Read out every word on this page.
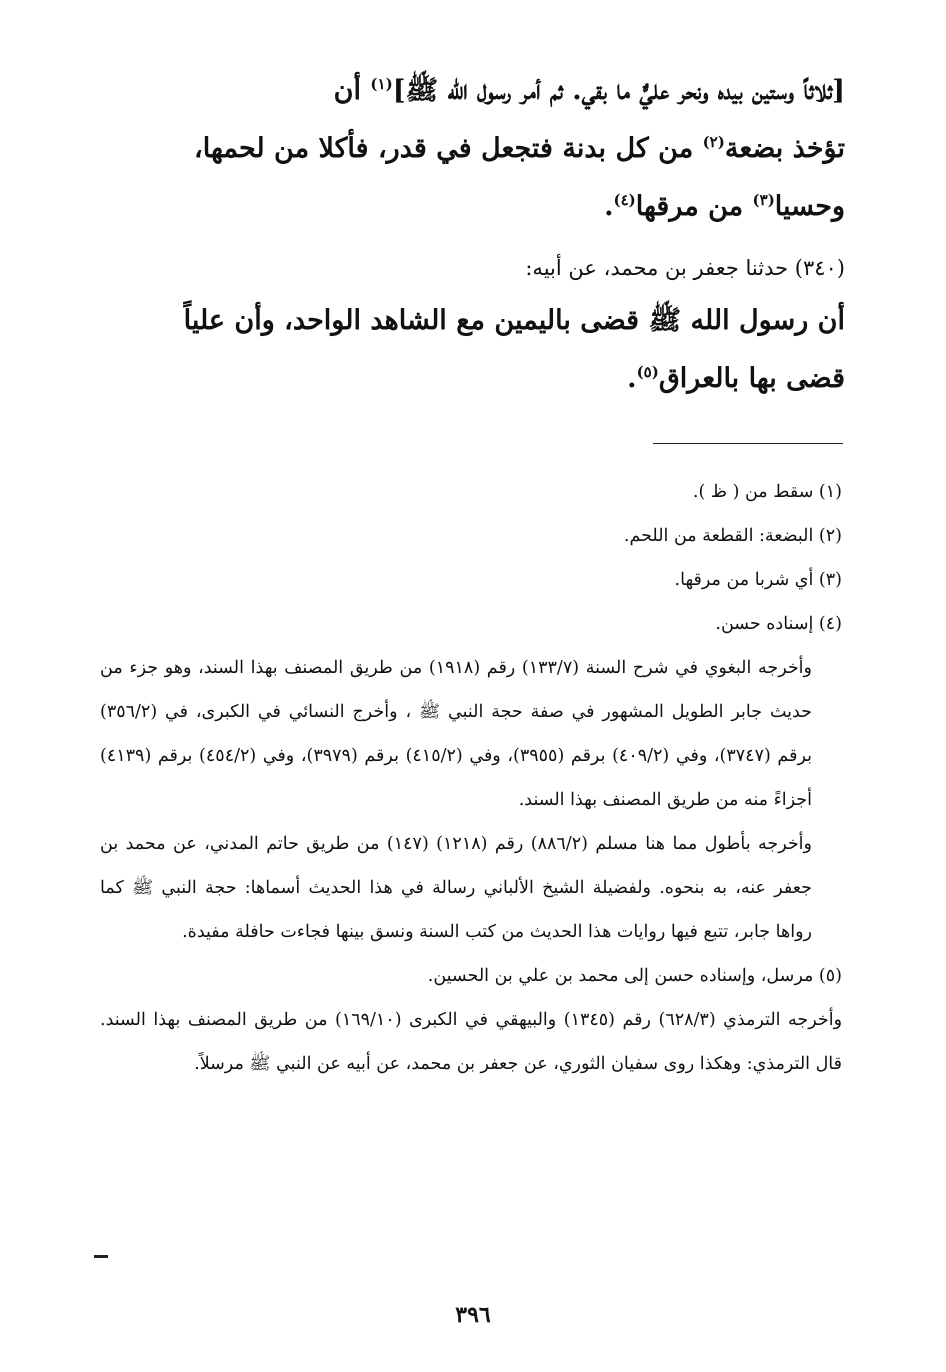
[ثلاثاً وستين بيده ونحر عليٌّ ما بقي. ثم أمر رسول الله ﷺ]$^{(١)}$ أن
تؤخذ بضعة$^{(٢)}$ من كل بدنة فتجعل في قدر، فأكلا من لحمها،
وحسيا$^{(٣)}$ من مرقها$^{(٤)}$.
(٣٤٠) حدثنا جعفر بن محمد، عن أبيه:
أن رسول الله ﷺ قضى باليمين مع الشاهد الواحد، وأن علياً
قضى بها بالعراق$^{(٥)}$.

(١) سقط من ( ظ ).

(٢) البضعة: القطعة من اللحم.

(٣) أي شربا من مرقها.

(٤) إسناده حسن.

وأخرجه البغوي في شرح السنة (١٣٣/٧) رقم (١٩١٨) من طريق المصنف بهذا السند، وهو جزء من حديث جابر الطويل المشهور في صفة حجة النبي ﷺ ، وأخرج النسائي في الكبرى، في (٣٥٦/٢) برقم (٣٧٤٧)، وفي (٤٠٩/٢) برقم (٣٩٥٥)، وفي (٤١٥/٢) برقم (٣٩٧٩)، وفي (٤٥٤/٢) برقم (٤١٣٩) أجزاءً منه من طريق المصنف بهذا السند.

وأخرجه بأطول مما هنا مسلم (٨٨٦/٢) رقم (١٢١٨) (١٤٧) من طريق حاتم المدني، عن محمد بن جعفر عنه، به بنحوه. ولفضيلة الشيخ الألباني رسالة في هذا الحديث أسماها: حجة النبي ﷺ كما رواها جابر، تتبع فيها روايات هذا الحديث من كتب السنة ونسق بينها فجاءت حافلة مفيدة.

(٥) مرسل، وإسناده حسن إلى محمد بن علي بن الحسين.

وأخرجه الترمذي (٦٢٨/٣) رقم (١٣٤٥) والبيهقي في الكبرى (١٦٩/١٠) من طريق المصنف بهذا السند. قال الترمذي: وهكذا روى سفيان الثوري، عن جعفر بن محمد، عن أبيه عن النبي ﷺ مرسلاً.

٣٩٦
